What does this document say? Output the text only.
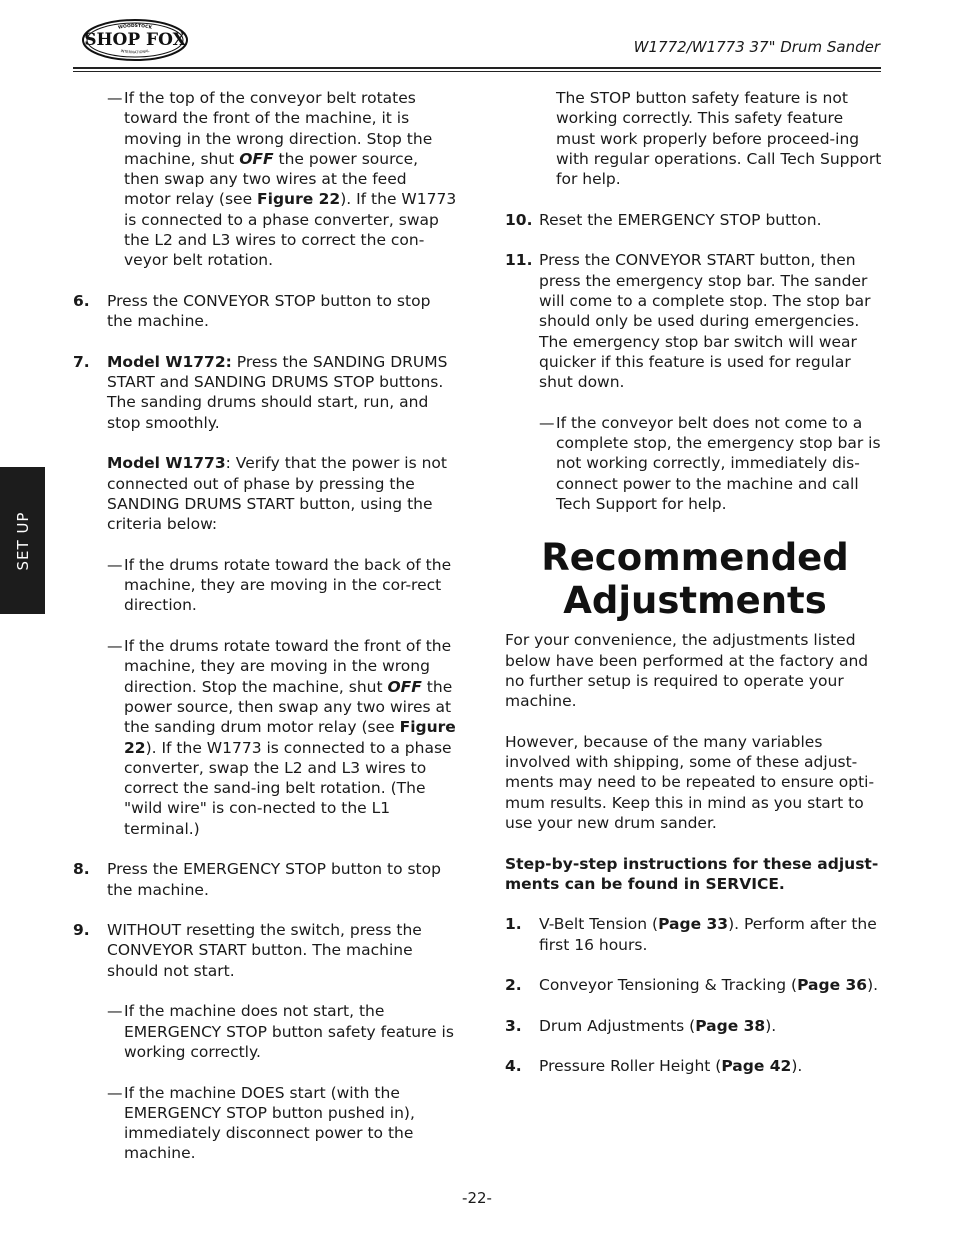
WOODSTOCK
SHOP FOX
INTERNATIONAL	W1772/W1773 37" Drum Sander
SET UP
— If the top of the conveyor belt rotates toward the front of the machine, it is moving in the wrong direction. Stop the machine, shut OFF the power source, then swap any two wires at the feed motor relay (see Figure 22). If the W1773 is connected to a phase converter, swap the L2 and L3 wires to correct the con-veyor belt rotation.
6. Press the CONVEYOR STOP button to stop the machine.
7. Model W1772: Press the SANDING DRUMS START and SANDING DRUMS STOP buttons. The sanding drums should start, run, and stop smoothly.

Model W1773: Verify that the power is not connected out of phase by pressing the SANDING DRUMS START button, using the criteria below:

— If the drums rotate toward the back of the machine, they are moving in the cor-rect direction.
— If the drums rotate toward the front of the machine, they are moving in the wrong direction. Stop the machine, shut OFF the power source, then swap any two wires at the sanding drum motor relay (see Figure 22). If the W1773 is connected to a phase converter, swap the L2 and L3 wires to correct the sand-ing belt rotation. (The "wild wire" is con-nected to the L1 terminal.)
8. Press the EMERGENCY STOP button to stop the machine.
9. WITHOUT resetting the switch, press the CONVEYOR START button. The machine should not start.
— If the machine does not start, the EMERGENCY STOP button safety feature is working correctly.
— If the machine DOES start (with the EMERGENCY STOP button pushed in), immediately disconnect power to the machine.

The STOP button safety feature is not working correctly. This safety feature must work properly before proceed-ing with regular operations. Call Tech Support for help.

10. Reset the EMERGENCY STOP button.
11. Press the CONVEYOR START button, then press the emergency stop bar. The sander will come to a complete stop. The stop bar should only be used during emergencies. The emergency stop bar switch will wear quicker if this feature is used for regular shut down.
— If the conveyor belt does not come to a complete stop, the emergency stop bar is not working correctly, immediately dis-connect power to the machine and call Tech Support for help.
Recommended
Adjustments

For your convenience, the adjustments listed below have been performed at the factory and no further setup is required to operate your machine.

However, because of the many variables involved with shipping, some of these adjust-ments may need to be repeated to ensure opti-mum results. Keep this in mind as you start to use your new drum sander.

Step-by-step instructions for these adjust-ments can be found in SERVICE.

1. V-Belt Tension (Page 33). Perform after the first 16 hours.
2. Conveyor Tensioning & Tracking (Page 36).
3. Drum Adjustments (Page 38).
4. Pressure Roller Height (Page 42).
-22-
